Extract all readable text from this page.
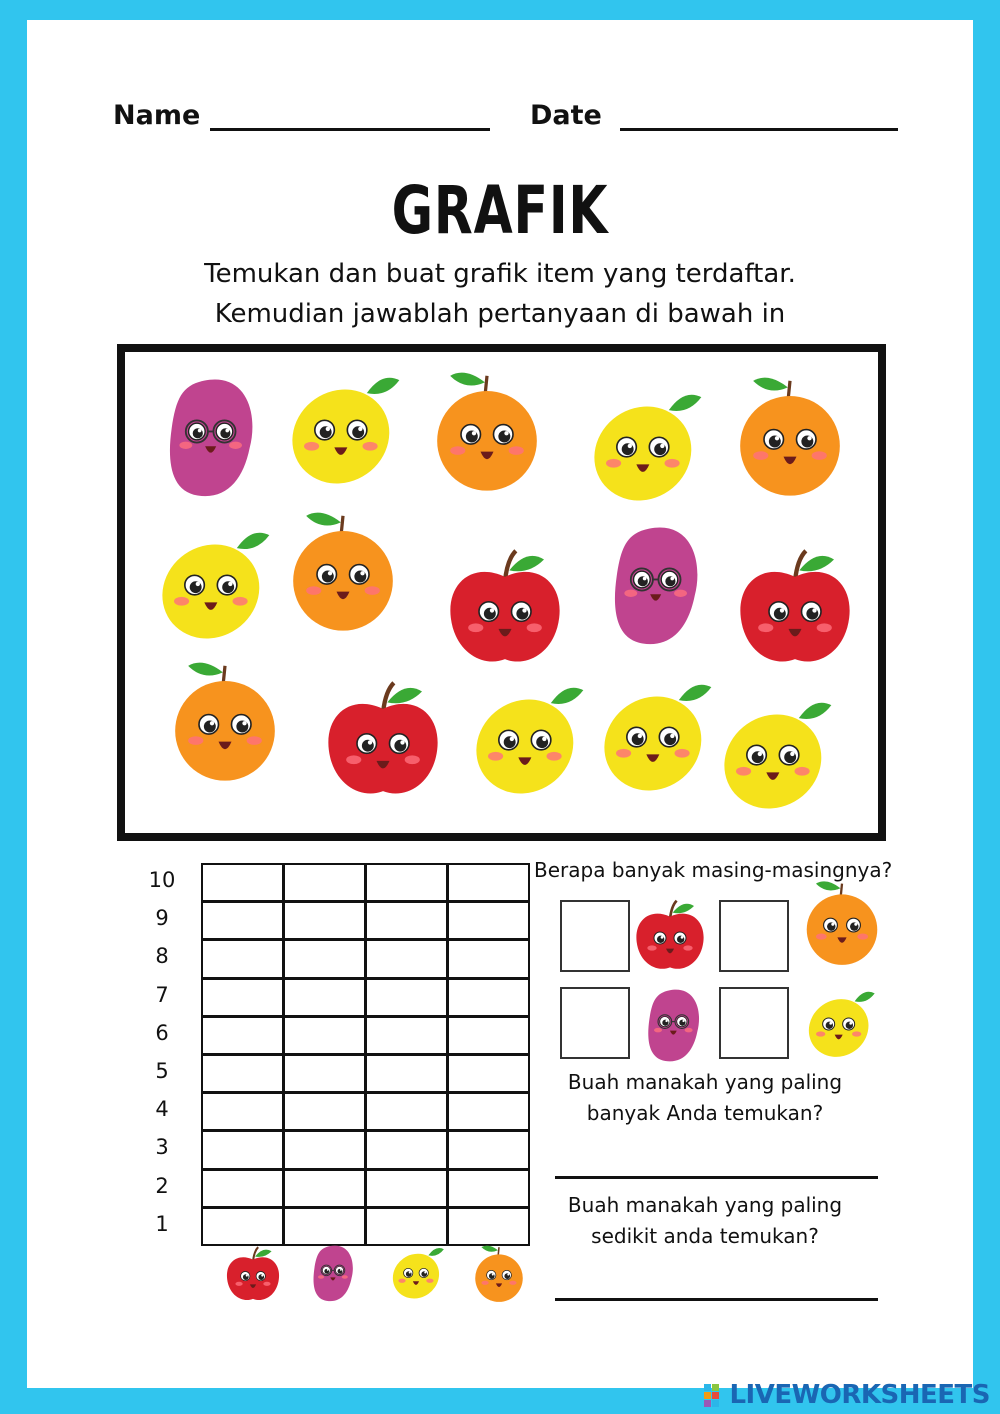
Name	Date
GRAFIK
Temukan dan buat grafik item yang terdaftar.
Kemudian jawablah pertanyaan di bawah in
10
9
8
7
6
5
4
3
2
1
Berapa banyak masing-masingnya?
Buah manakah yang paling
banyak Anda temukan?
Buah manakah yang paling
sedikit anda temukan?
LIVEWORKSHEETS
